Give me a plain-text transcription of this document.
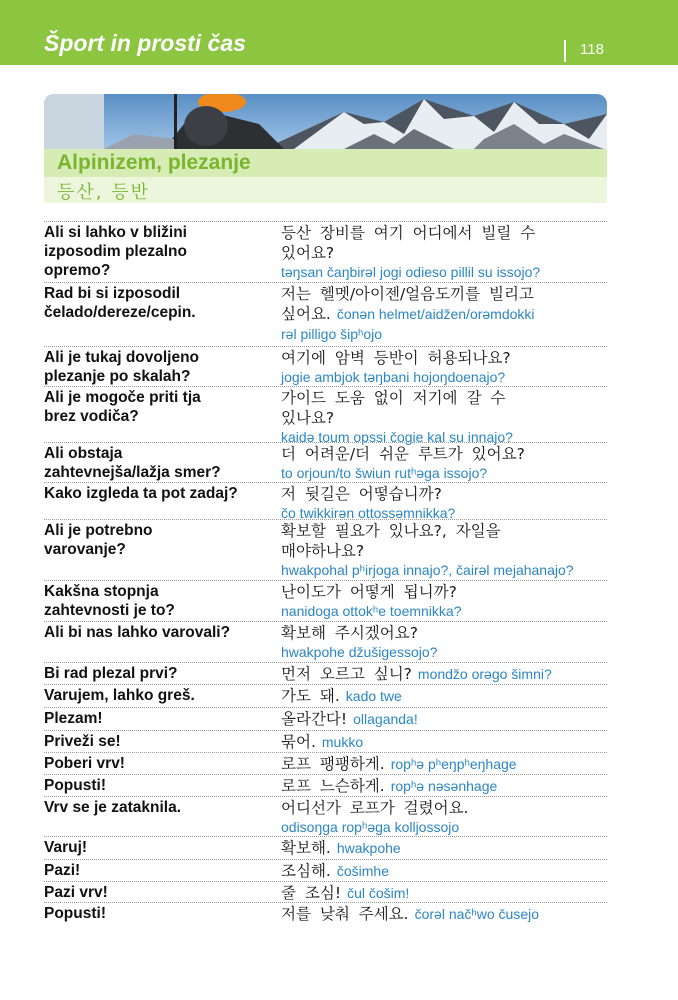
Šport in prosti čas	118
Alpinizem, plezanje
등산, 등반
Ali si lahko v bližini
izposodim plezalno
opremo?
등산 장비를 여기 어디에서 빌릴 수
있어요?
təŋsan čaŋbirəl jogi odieso pillil su issojo?
Rad bi si izposodil
čelado/dereze/cepin.
저는 헬멧/아이젠/얼음도끼를 빌리고
싶어요. čonən helmet/aidžen/orəmdokki
rəl pilligo šipʰojo
Ali je tukaj dovoljeno
plezanje po skalah?
여기에 암벽 등반이 허용되나요?
jogie ambjok təŋbani hojoŋdoenajo?
Ali je mogoče priti tja
brez vodiča?
가이드 도움 없이 저기에 갈 수
있나요?
kaidə toum opssi čogie kal su innajo?
Ali obstaja
zahtevnejša/lažja smer?
더 어려운/더 쉬운 루트가 있어요?
to orjoun/to šwiun rutʰəga issojo?
Kako izgleda ta pot zadaj?	저 뒷길은 어떻습니까?
čo twikkirən ottossəmnikka?
Ali je potrebno
varovanje?
확보할 필요가 있나요?, 자일을
매야하나요?
hwakpohal pʰirjoga innajo?, čairəl mejahanajo?
Kakšna stopnja
zahtevnosti je to?
난이도가 어떻게 됩니까?
nanidoga ottokʰe toemnikka?
Ali bi nas lahko varovali?	확보해 주시겠어요?
hwakpohe džušigessojo?
Bi rad plezal prvi?	먼저 오르고 싶니? mondžo orəgo šimni?
Varujem, lahko greš.	가도 돼. kado twe
Plezam!	올라간다! ollaganda!
Priveži se!	묶어. mukko
Poberi vrv!	로프 팽팽하게. ropʰə pʰeŋpʰeŋhage
Popusti!	로프 느슨하게. ropʰə nəsənhage
Vrv se je zataknila.	어디선가 로프가 걸렸어요.
odisoŋga ropʰəga kolljossojo
Varuj!	확보해. hwakpohe
Pazi!	조심해. čošimhe
Pazi vrv!	줄 조심! čul čošim!
Popusti!	저를 낮춰 주세요. čorəl načʰwo čusejo
